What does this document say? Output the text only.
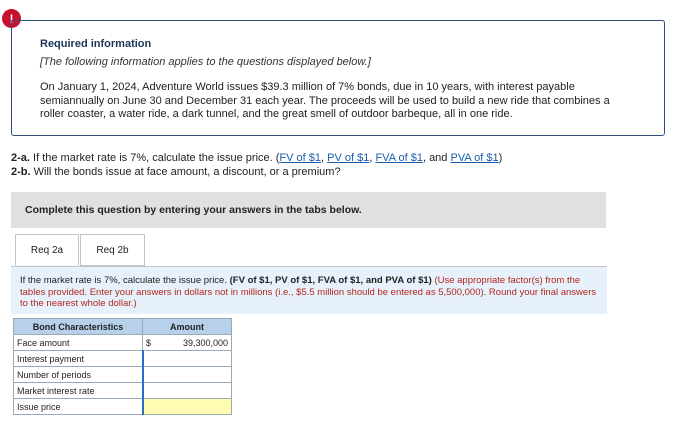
!

Required information

[The following information applies to the questions displayed below.]

On January 1, 2024, Adventure World issues $39.3 million of 7% bonds, due in 10 years, with interest payable semiannually on June 30 and December 31 each year. The proceeds will be used to build a new ride that combines a roller coaster, a water ride, a dark tunnel, and the great smell of outdoor barbeque, all in one ride.

2-a. If the market rate is 7%, calculate the issue price. (FV of $1, PV of $1, FVA of $1, and PVA of $1)
2-b. Will the bonds issue at face amount, a discount, or a premium?
Complete this question by entering your answers in the tabs below.
Req 2a	Req 2b
If the market rate is 7%, calculate the issue price. (FV of $1, PV of $1, FVA of $1, and PVA of $1) (Use appropriate factor(s) from the tables provided. Enter your answers in dollars not in millions (i.e., $5.5 million should be entered as 5,500,000). Round your final answers to the nearest whole dollar.)
Bond Characteristics	Amount
Face amount	$ 39,300,000

Interest payment	
Number of periods	
Market interest rate	
Issue price	
